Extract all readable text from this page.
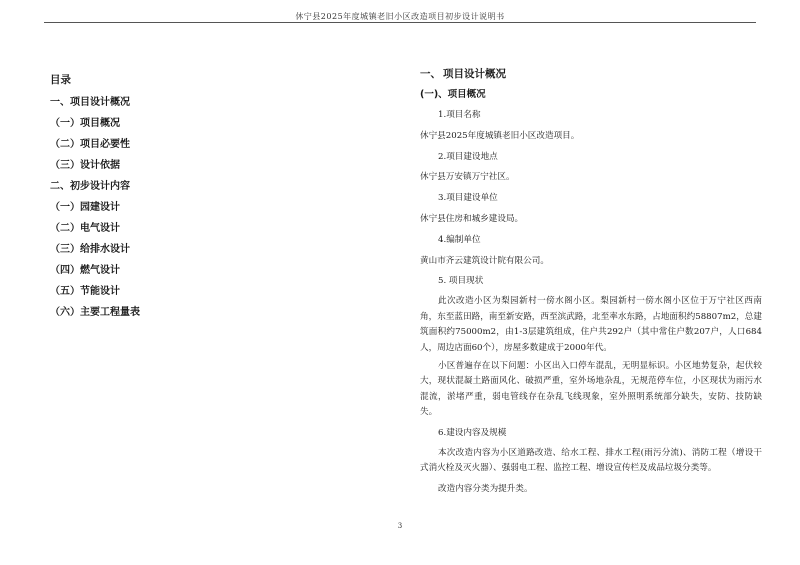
休宁县2025年度城镇老旧小区改造项目初步设计说明书
目录
一、项目设计概况
（一）项目概况
（二）项目必要性
（三）设计依据
二、初步设计内容
（一）园建设计
（二）电气设计
（三）给排水设计
（四）燃气设计
（五）节能设计
（六）主要工程量表
一、 项目设计概况
(一)、项目概况
1.项目名称
休宁县2025年度城镇老旧小区改造项目。
2.项目建设地点
休宁县万安镇万宁社区。
3.项目建设单位
休宁县住房和城乡建设局。
4.编制单位
黄山市齐云建筑设计院有限公司。
5. 项目现状

此次改造小区为梨园新村一傍水阁小区。梨园新村一傍水阁小区位于万宁社区西南角，东至蓝田路，南至新安路，西至滨武路，北至率水东路，占地面积约58807m2，总建筑面积约75000m2，由1-3层建筑组成，住户共292户（其中常住户数207户，人口684人，周边店面60个），房屋多数建成于2000年代。

小区普遍存在以下问题：小区出入口停车混乱，无明显标识。小区地势复杂，起伏较大，现状混凝土路面风化、破损严重，室外场地杂乱，无规范停车位，小区现状为雨污水混流，淤堵严重，弱电管线存在杂乱飞线现象，室外照明系统部分缺失，安防、技防缺失。

6.建设内容及规模

本次改造内容为小区道路改造、给水工程、排水工程(雨污分流)、消防工程（增设干式消火栓及灭火器）、强弱电工程、监控工程、增设宣传栏及成品垃圾分类等。

改造内容分类为提升类。
3
